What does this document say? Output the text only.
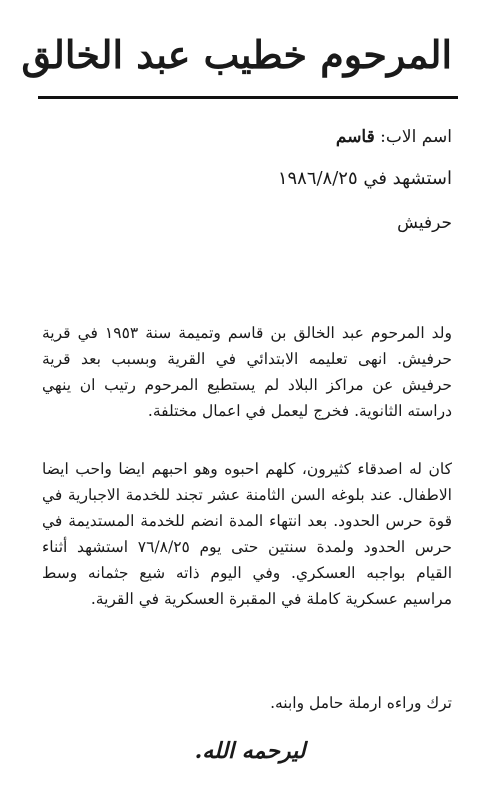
المرحوم خطيب عبد الخالق
اسم الاب: قاسم
استشهد في ١٩٨٦/٨/٢٥
حرفيش

ولد المرحوم عبد الخالق بن قاسم وتميمة سنة ١٩٥٣ في قرية حرفيش. انهى تعليمه الابتدائي في القرية وبسبب بعد قرية حرفيش عن مراكز البلاد لم يستطيع المرحوم رتيب ان ينهي دراسته الثانوية. فخرج ليعمل في اعمال مختلفة.

كان له اصدقاء كثيرون، كلهم احبوه وهو احبهم ايضا واحب ايضا الاطفال. عند بلوغه السن الثامنة عشر تجند للخدمة الاجبارية في قوة حرس الحدود. بعد انتهاء المدة انضم للخدمة المستديمة في حرس الحدود ولمدة سنتين حتى يوم ٧٦/٨/٢٥ استشهد أثناء القيام بواجبه العسكري. وفي اليوم ذاته شيع جثمانه وسط مراسيم عسكرية كاملة في المقبرة العسكرية في القرية.

ترك وراءه ارملة حامل وابنه.

ليرحمه الله.
